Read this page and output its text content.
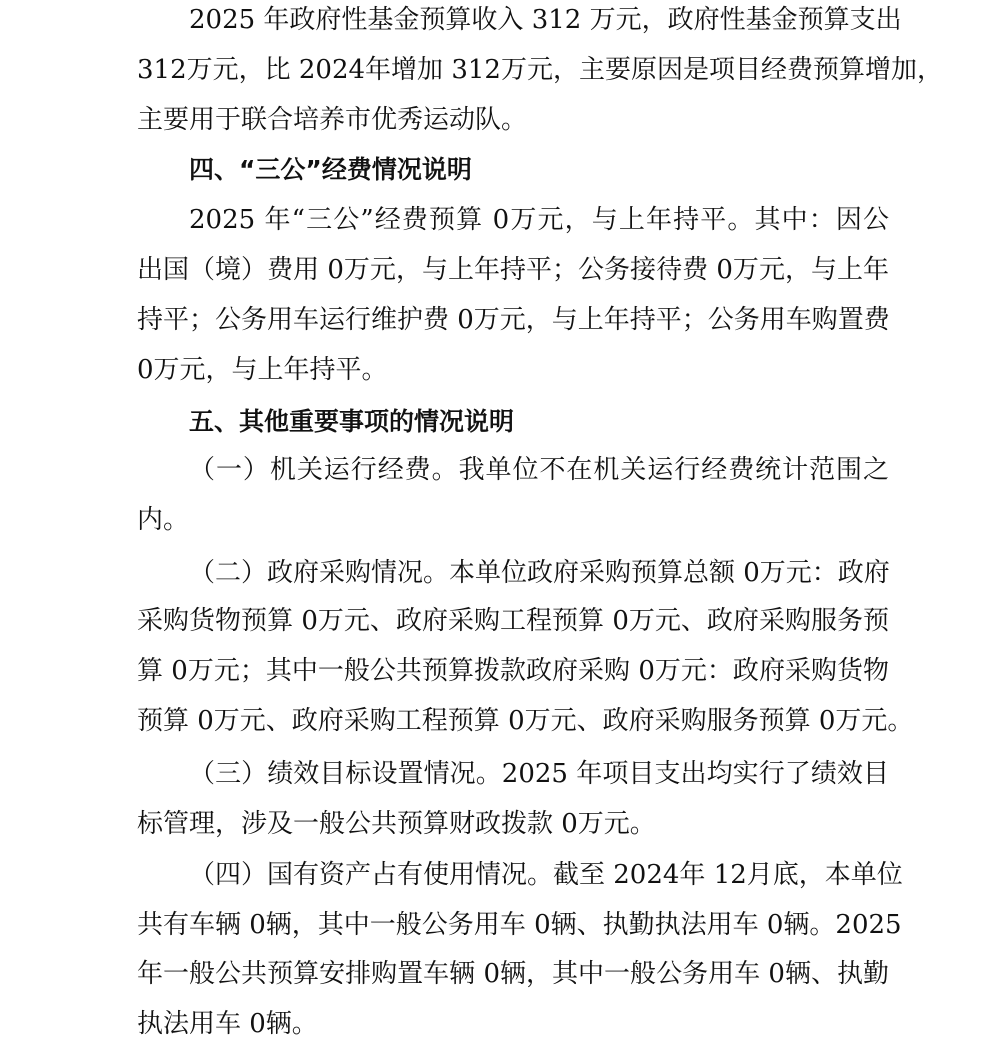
2025 年政府性基金预算收入 312 万元，政府性基金预算支出
312万元，比 2024年增加 312万元，主要原因是项目经费预算增加，
主要用于联合培养市优秀运动队。
四、“三公”经费情况说明
2025 年“三公”经费预算 0万元，与上年持平。其中：因公
出国（境）费用 0万元，与上年持平；公务接待费 0万元，与上年
持平；公务用车运行维护费 0万元，与上年持平；公务用车购置费
0万元，与上年持平。
五、其他重要事项的情况说明
（一）机关运行经费。我单位不在机关运行经费统计范围之
内。
（二）政府采购情况。本单位政府采购预算总额 0万元：政府
采购货物预算 0万元、政府采购工程预算 0万元、政府采购服务预
算 0万元；其中一般公共预算拨款政府采购 0万元：政府采购货物
预算 0万元、政府采购工程预算 0万元、政府采购服务预算 0万元。
（三）绩效目标设置情况。2025 年项目支出均实行了绩效目
标管理，涉及一般公共预算财政拨款 0万元。
（四）国有资产占有使用情况。截至 2024年 12月底，本单位
共有车辆 0辆，其中一般公务用车 0辆、执勤执法用车 0辆。2025
年一般公共预算安排购置车辆 0辆，其中一般公务用车 0辆、执勤
执法用车 0辆。
